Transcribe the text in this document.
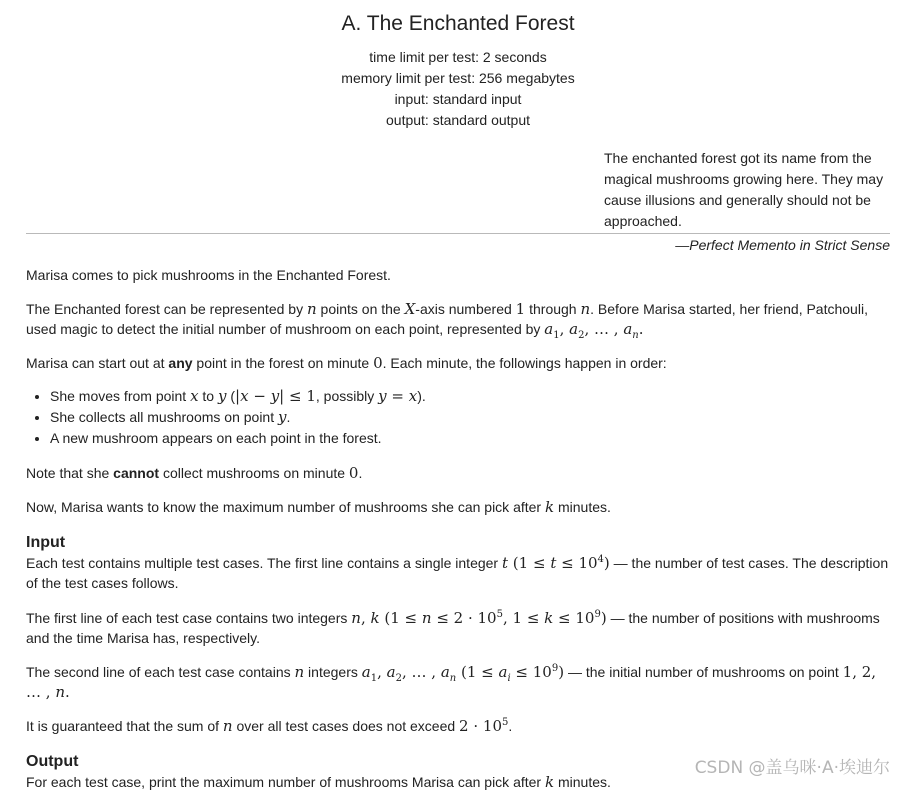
A. The Enchanted Forest
time limit per test: 2 seconds
memory limit per test: 256 megabytes
input: standard input
output: standard output
The enchanted forest got its name from the magical mushrooms growing here. They may cause illusions and generally should not be approached.
—Perfect Memento in Strict Sense

Marisa comes to pick mushrooms in the Enchanted Forest.

The Enchanted forest can be represented by n points on the X-axis numbered 1 through n. Before Marisa started, her friend, Patchouli, used magic to detect the initial number of mushroom on each point, represented by $a_1$, $a_2$, … , $a_n$.

Marisa can start out at any point in the forest on minute 0. Each minute, the followings happen in order:

• She moves from point x to y (|x − y| ≤ 1, possibly y = x).
• She collects all mushrooms on point y.
• A new mushroom appears on each point in the forest.

Note that she cannot collect mushrooms on minute 0.

Now, Marisa wants to know the maximum number of mushrooms she can pick after k minutes.

Input

Each test contains multiple test cases. The first line contains a single integer t $(1 \le t \le 10^4)$ — the number of test cases. The description of the test cases follows.

The first line of each test case contains two integers n, k ($1 \le n \le 2 \cdot 10^5$, $1 \le k \le 10^9$) — the number of positions with mushrooms and the time Marisa has, respectively.

The second line of each test case contains n integers $a_1$, $a_2$, … , $a_n$ $(1 \le a_i \le 10^9)$ — the initial number of mushrooms on point 1, 2, … , n.

It is guaranteed that the sum of n over all test cases does not exceed $2 \cdot 10^5$.

Output

For each test case, print the maximum number of mushrooms Marisa can pick after k minutes.

CSDN @盖乌咪·A·埃迪尔
